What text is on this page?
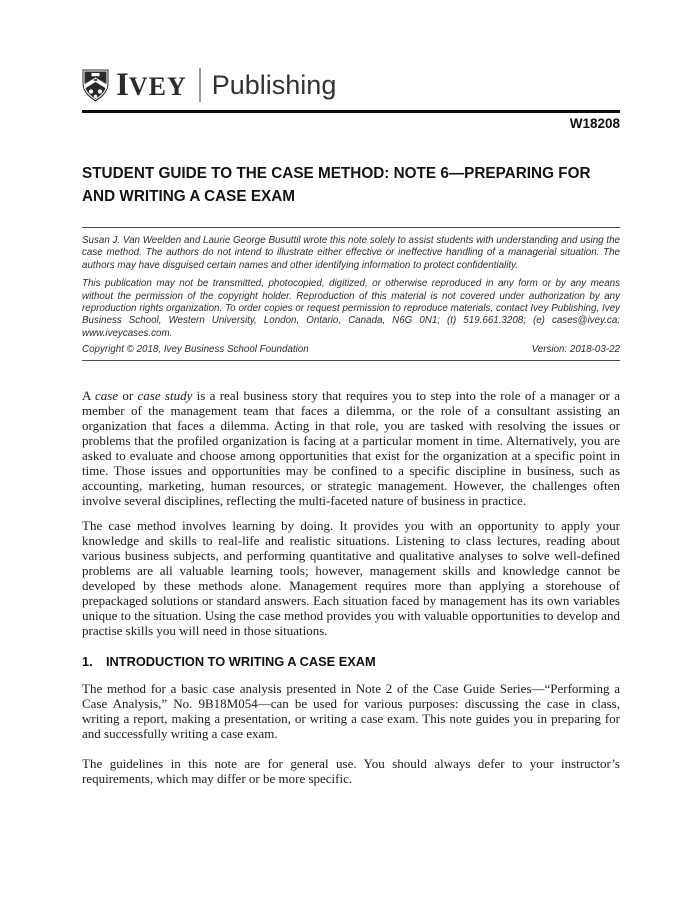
IVEY Publishing
W18208
STUDENT GUIDE TO THE CASE METHOD: NOTE 6—PREPARING FOR AND WRITING A CASE EXAM

Susan J. Van Weelden and Laurie George Busuttil wrote this note solely to assist students with understanding and using the case method. The authors do not intend to illustrate either effective or ineffective handling of a managerial situation. The authors may have disguised certain names and other identifying information to protect confidentiality.

This publication may not be transmitted, photocopied, digitized, or otherwise reproduced in any form or by any means without the permission of the copyright holder. Reproduction of this material is not covered under authorization by any reproduction rights organization. To order copies or request permission to reproduce materials, contact Ivey Publishing, Ivey Business School, Western University, London, Ontario, Canada, N6G 0N1; (t) 519.661.3208; (e) cases@ivey.ca; www.iveycases.com.

Copyright © 2018, Ivey Business School Foundation	Version: 2018-03-22

A case or case study is a real business story that requires you to step into the role of a manager or a member of the management team that faces a dilemma, or the role of a consultant assisting an organization that faces a dilemma. Acting in that role, you are tasked with resolving the issues or problems that the profiled organization is facing at a particular moment in time. Alternatively, you are asked to evaluate and choose among opportunities that exist for the organization at a specific point in time. Those issues and opportunities may be confined to a specific discipline in business, such as accounting, marketing, human resources, or strategic management. However, the challenges often involve several disciplines, reflecting the multi-faceted nature of business in practice.

The case method involves learning by doing. It provides you with an opportunity to apply your knowledge and skills to real-life and realistic situations. Listening to class lectures, reading about various business subjects, and performing quantitative and qualitative analyses to solve well-defined problems are all valuable learning tools; however, management skills and knowledge cannot be developed by these methods alone. Management requires more than applying a storehouse of prepackaged solutions or standard answers. Each situation faced by management has its own variables unique to the situation. Using the case method provides you with valuable opportunities to develop and practise skills you will need in those situations.

1.	INTRODUCTION TO WRITING A CASE EXAM

The method for a basic case analysis presented in Note 2 of the Case Guide Series—“Performing a Case Analysis,” No. 9B18M054—can be used for various purposes: discussing the case in class, writing a report, making a presentation, or writing a case exam. This note guides you in preparing for and successfully writing a case exam.

The guidelines in this note are for general use. You should always defer to your instructor’s requirements, which may differ or be more specific.
